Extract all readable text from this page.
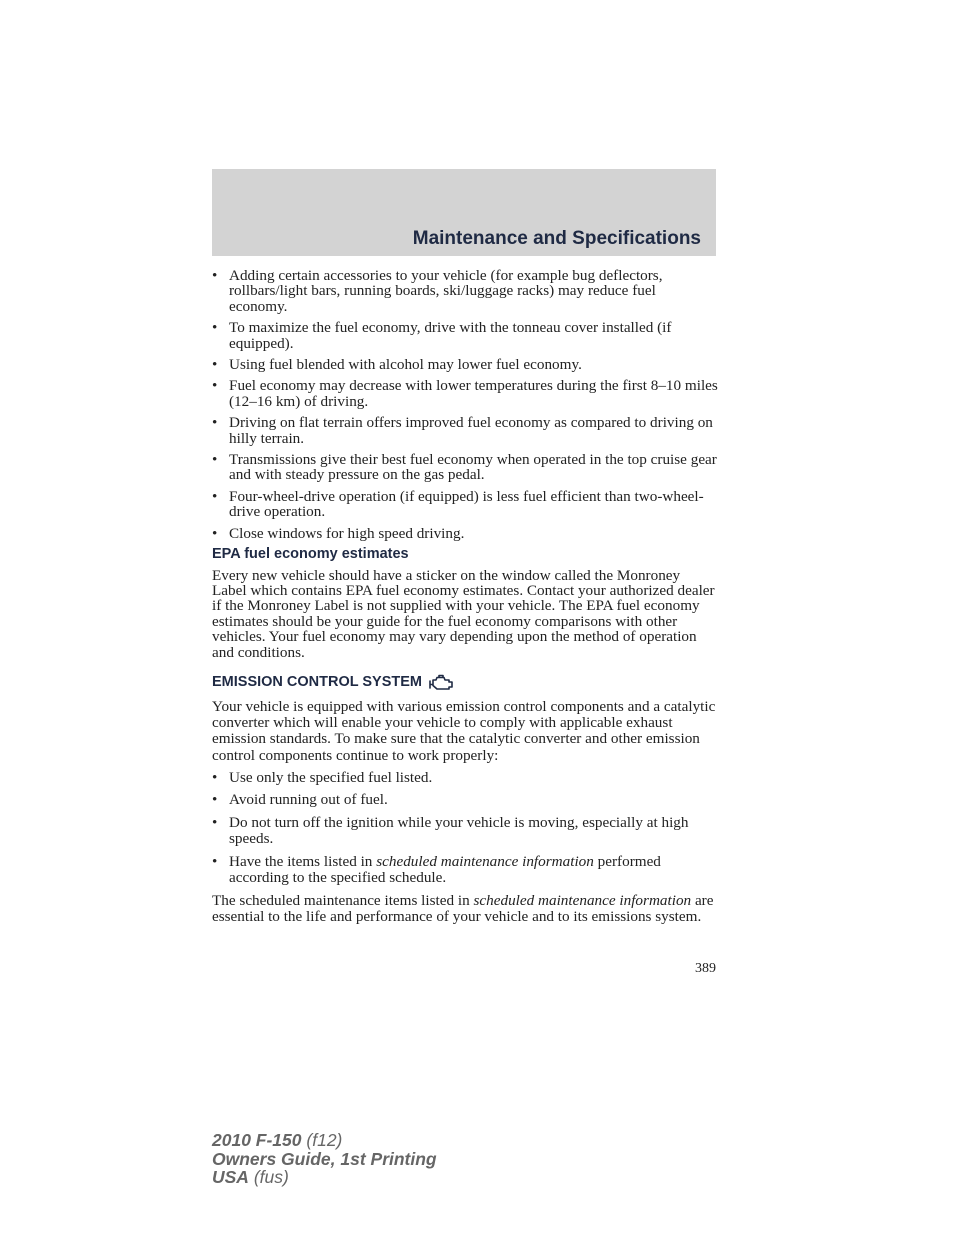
Maintenance and Specifications
• Adding certain accessories to your vehicle (for example bug deflectors, rollbars/light bars, running boards, ski/luggage racks) may reduce fuel economy.
• To maximize the fuel economy, drive with the tonneau cover installed (if equipped).
• Using fuel blended with alcohol may lower fuel economy.
• Fuel economy may decrease with lower temperatures during the first 8–10 miles (12–16 km) of driving.
• Driving on flat terrain offers improved fuel economy as compared to driving on hilly terrain.
• Transmissions give their best fuel economy when operated in the top cruise gear and with steady pressure on the gas pedal.
• Four-wheel-drive operation (if equipped) is less fuel efficient than two-wheel-drive operation.
• Close windows for high speed driving.
EPA fuel economy estimates

Every new vehicle should have a sticker on the window called the Monroney Label which contains EPA fuel economy estimates. Contact your authorized dealer if the Monroney Label is not supplied with your vehicle. The EPA fuel economy estimates should be your guide for the fuel economy comparisons with other vehicles. Your fuel economy may vary depending upon the method of operation and conditions.

EMISSION CONTROL SYSTEM

Your vehicle is equipped with various emission control components and a catalytic converter which will enable your vehicle to comply with applicable exhaust emission standards. To make sure that the catalytic converter and other emission control components continue to work properly:

• Use only the specified fuel listed.
• Avoid running out of fuel.
• Do not turn off the ignition while your vehicle is moving, especially at high speeds.
• Have the items listed in scheduled maintenance information performed according to the specified schedule.

The scheduled maintenance items listed in scheduled maintenance information are essential to the life and performance of your vehicle and to its emissions system.

389
2010 F-150 (f12)
Owners Guide, 1st Printing
USA (fus)
